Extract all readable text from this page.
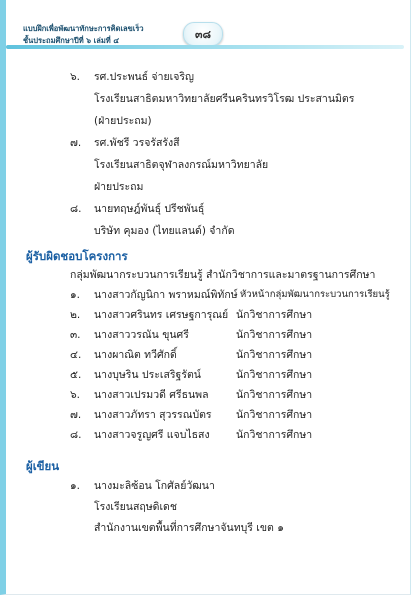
แบบฝึกเพื่อพัฒนาทักษะการคิดเลขเร็ว
ชั้นประถมศึกษาปีที่ ๖ เล่มที่ ๔	๓๘
๖. รศ.ประพนธ์ จ่ายเจริญ
โรงเรียนสาธิตมหาวิทยาลัยศรีนครินทรวิโรฒ ประสานมิตร
(ฝ่ายประถม)
๗. รศ.พัชรี วรจรัสรังสี
โรงเรียนสาธิตจุฬาลงกรณ์มหาวิทยาลัย
ฝ่ายประถม
๘. นายทฤษฎ์พันธุ์ ปรีชพันธุ์
บริษัท คุมอง (ไทยแลนด์) จำกัด
ผู้รับผิดชอบโครงการ
กลุ่มพัฒนากระบวนการเรียนรู้ สำนักวิชาการและมาตรฐานการศึกษา
๑. นางสาวกัญนิกา พราหมณ์พิทักษ์ หัวหน้ากลุ่มพัฒนากระบวนการเรียนรู้
๒. นางสาวศรินทร เศรษฐการุณย์ นักวิชาการศึกษา
๓. นางสาววรณัน ขุนศรี	นักวิชาการศึกษา
๔. นางผาณิต ทวีศักดิ์	นักวิชาการศึกษา
๕. นางบุษริน ประเสริฐรัตน์	นักวิชาการศึกษา
๖. นางสาวเปรมวดี ศรีธนพล	นักวิชาการศึกษา
๗. นางสาวภัทรา สุวรรณบัตร นักวิชาการศึกษา
๘. นางสาวจรูญศรี แจบไธสง	นักวิชาการศึกษา
ผู้เขียน
๑. นางมะลิซ้อน โกศัลย์วัฒนา
โรงเรียนสฤษดิเดช
สำนักงานเขตพื้นที่การศึกษาจันทบุรี เขต ๑
